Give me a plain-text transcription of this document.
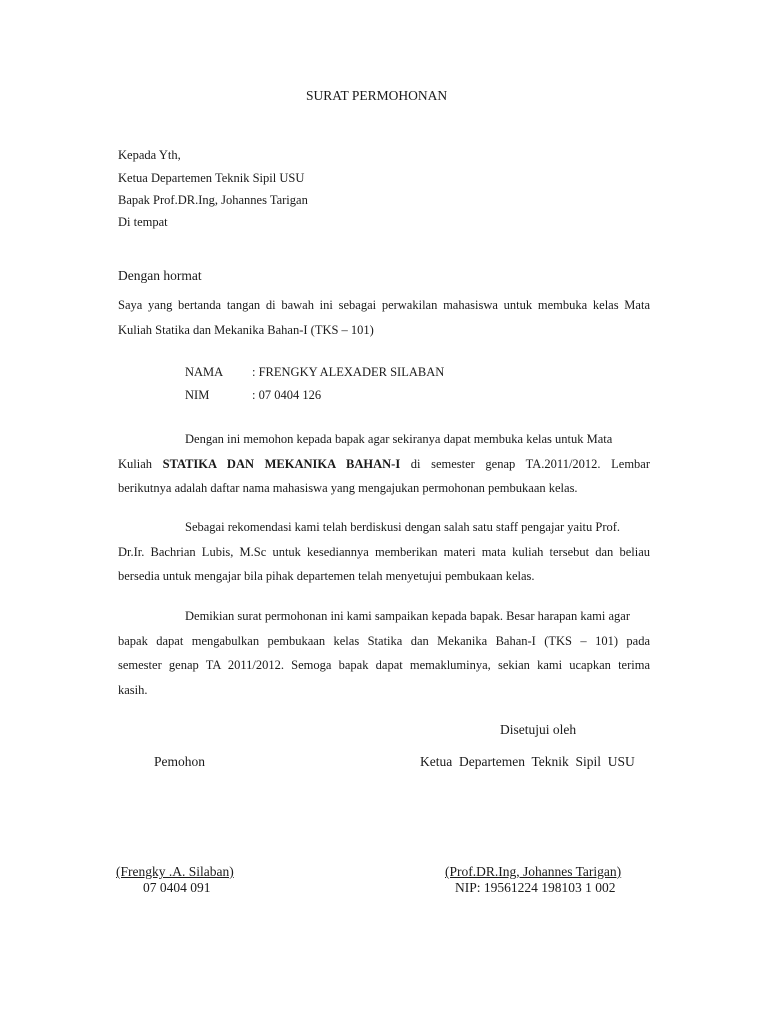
SURAT PERMOHONAN
Kepada Yth,
Ketua Departemen Teknik Sipil USU
Bapak Prof.DR.Ing, Johannes Tarigan
Di tempat
Dengan hormat
Saya yang bertanda tangan di bawah ini sebagai perwakilan mahasiswa untuk membuka kelas Mata
Kuliah Statika dan Mekanika Bahan-I (TKS – 101)
NAMA : FRENGKY ALEXADER SILABAN
NIM	: 07 0404 126
Dengan ini memohon kepada bapak agar sekiranya dapat membuka kelas untuk Mata
Kuliah STATIKA DAN MEKANIKA BAHAN-I di semester genap TA.2011/2012. Lembar
berikutnya adalah daftar nama mahasiswa yang mengajukan permohonan pembukaan kelas.
Sebagai rekomendasi kami telah berdiskusi dengan salah satu staff pengajar yaitu Prof.
Dr.Ir. Bachrian Lubis, M.Sc untuk kesediannya memberikan materi mata kuliah tersebut dan beliau
bersedia untuk mengajar bila pihak departemen telah menyetujui pembukaan kelas.
Demikian surat permohonan ini kami sampaikan kepada bapak. Besar harapan kami agar
bapak dapat mengabulkan pembukaan kelas Statika dan Mekanika Bahan-I (TKS – 101) pada
semester genap TA 2011/2012. Semoga bapak dapat memakluminya, sekian kami ucapkan terima
kasih.
Disetujui oleh
Pemohon	Ketua  Departemen  Teknik  Sipil  USU
(Frengky .A. Silaban)
07 0404 091
(Prof.DR.Ing, Johannes Tarigan)
NIP: 19561224 198103 1 002
